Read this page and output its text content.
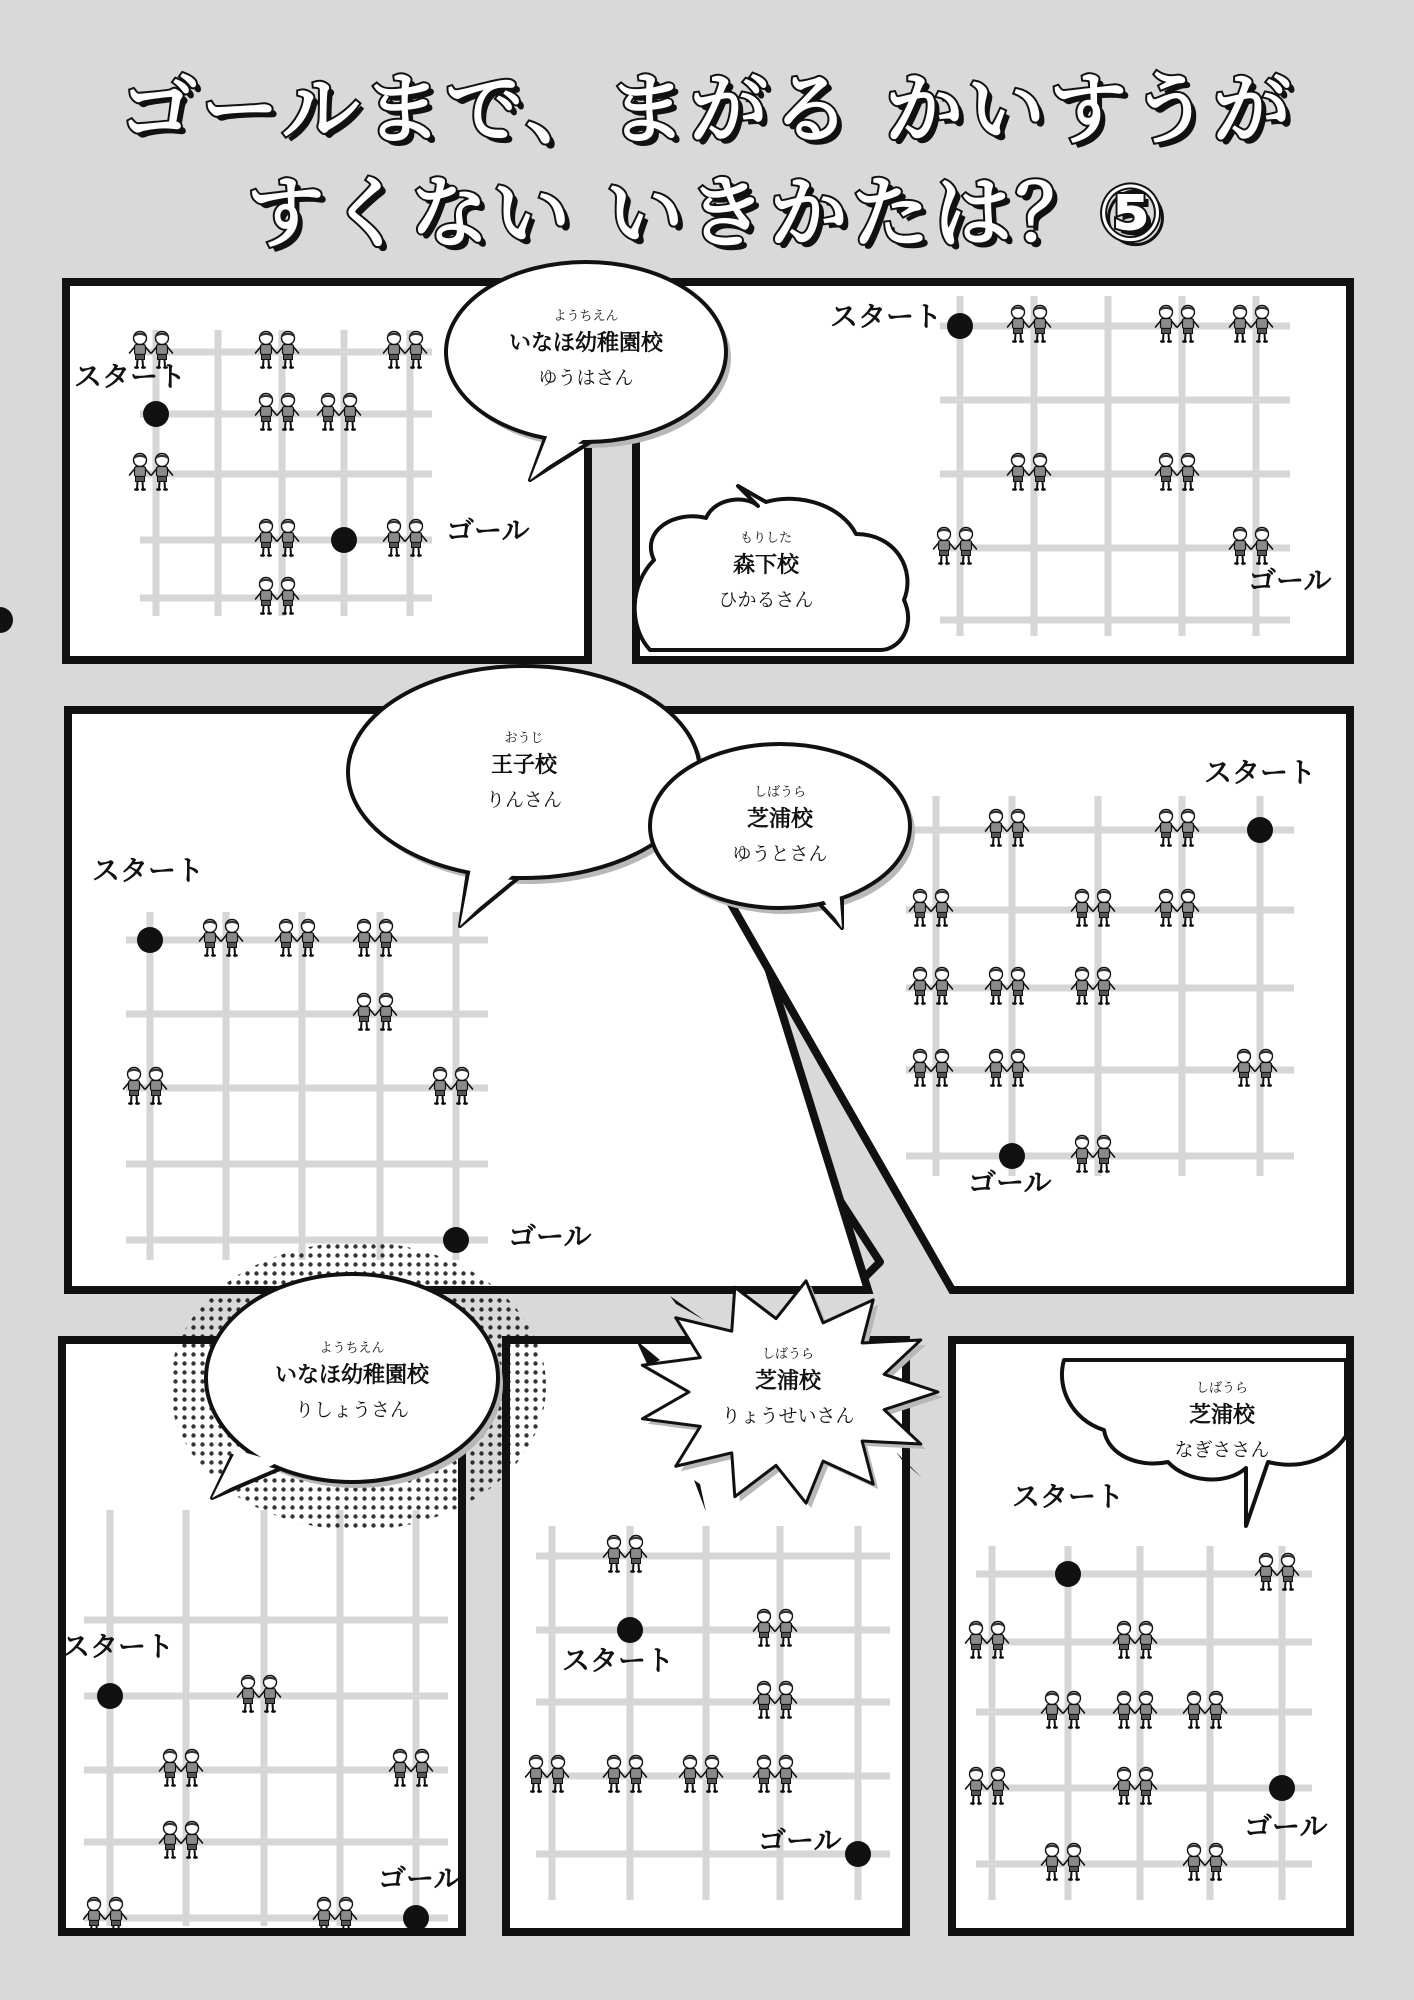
ゴールまで、まがる かいすうが
すくない いきかたは？⑤
スタート
ゴール
スタート
ゴール
スタート
ゴール
スタート
ゴール
スタート
ゴール
スタート
ゴール
スタート
ゴール
ようちえん
いなほ幼稚園校
ゆうはさん
もりした
森下校
ひかるさん
おうじ
王子校
りんさん	しばうら
芝浦校
ゆうとさん
ようちえん
いなほ幼稚園校
りしょうさん
しばうら
芝浦校
りょうせいさん
しばうら
芝浦校
なぎささん
